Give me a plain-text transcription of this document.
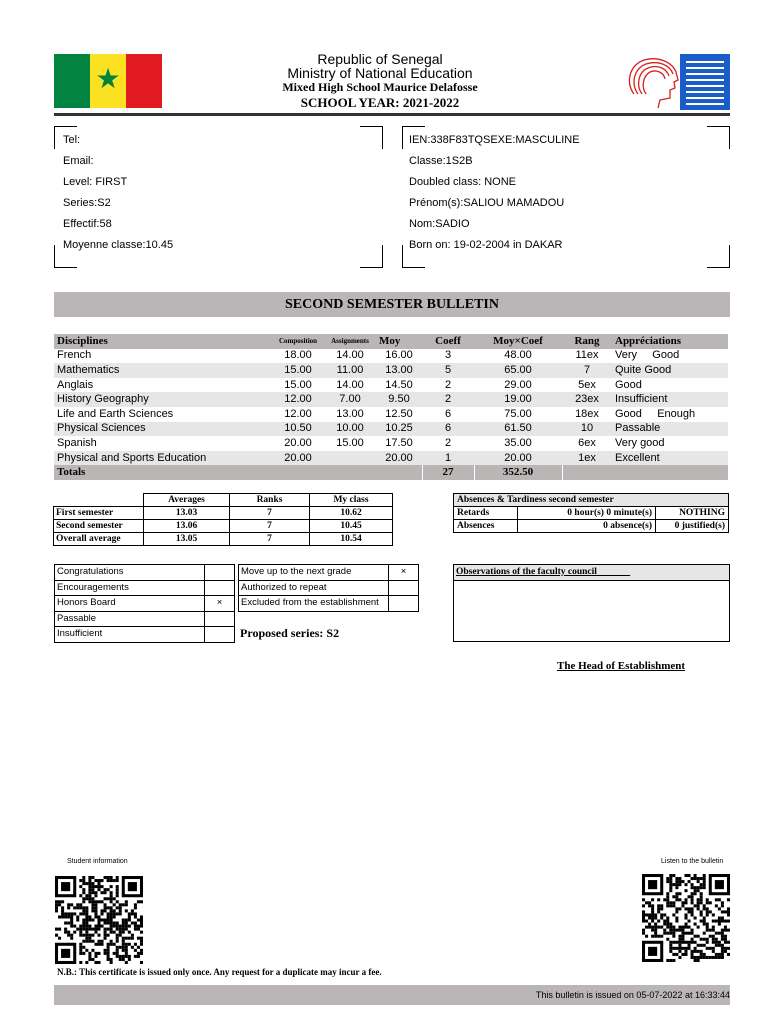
★
Republic of Senegal
Ministry of National Education
Mixed High School Maurice Delafosse
SCHOOL YEAR: 2021-2022
Tel:
Email:
Level: FIRST
Series:S2
Effectif:58
Moyenne classe:10.45
IEN:338F83TQSEXE:MASCULINE
Classe:1S2B
Doubled class: NONE
Prénom(s):SALIOU MAMADOU
Nom:SADIO
Born on: 19-02-2004 in DAKAR
SECOND SEMESTER BULLETIN
Disciplines	Composition	Assignments	Moy	Coeff	Moy×Coef	Rang	Appréciations
French	18.00	14.00	16.00	3	48.00	11ex	Very     Good
Mathematics	15.00	11.00	13.00	5	65.00	7	Quite Good
Anglais	15.00	14.00	14.50	2	29.00	5ex	Good
History Geography	12.00	7.00	9.50	2	19.00	23ex	Insufficient
Life and Earth Sciences	12.00	13.00	12.50	6	75.00	18ex	Good     Enough
Physical Sciences	10.50	10.00	10.25	6	61.50	10	Passable
Spanish	20.00	15.00	17.50	2	35.00	6ex	Very good
Physical and Sports Education	20.00		20.00	1	20.00	1ex	Excellent
Totals				27	352.50		
	Averages	Ranks	My class
First semester	13.03	7	10.62
Second semester	13.06	7	10.45
Overall average	13.05	7	10.54
Absences & Tardiness second semester		
Retards	0 hour(s) 0 minute(s)	NOTHING
Absences	0 absence(s)	0 justified(s)
Congratulations	
Encouragements	
Honors Board	×
Passable	
Insufficient	
Move up to the next grade	×
Authorized to repeat	
Excluded from the establishment	
Proposed series: S2
Observations of the faculty council
The Head of Establishment
Student information	Listen to the bulletin
N.B.: This certificate is issued only once. Any request for a duplicate may incur a fee.
This bulletin is issued on 05-07-2022 at 16:33:44
